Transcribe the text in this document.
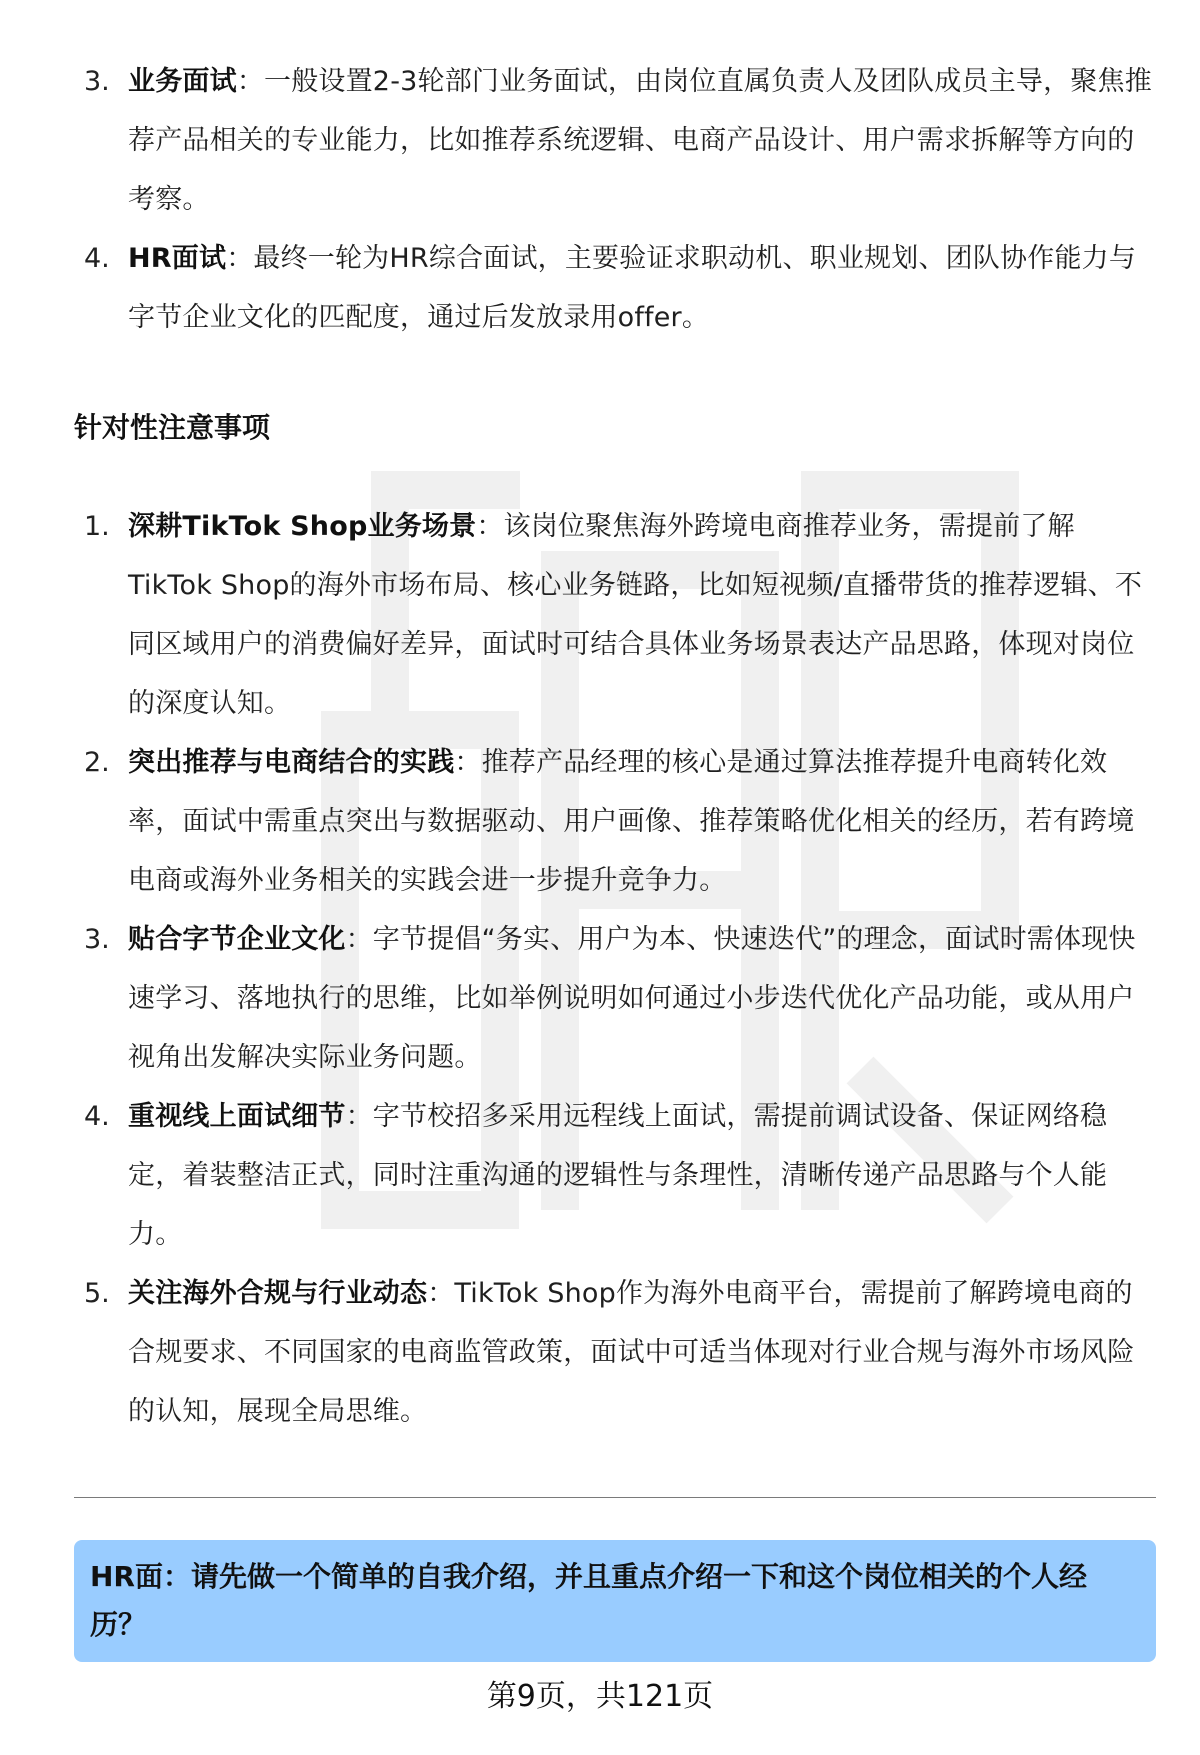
3. 业务面试：一般设置2-3轮部门业务面试，由岗位直属负责人及团队成员主导，聚焦推荐产品相关的专业能力，比如推荐系统逻辑、电商产品设计、用户需求拆解等方向的考察。
4. HR面试：最终一轮为HR综合面试，主要验证求职动机、职业规划、团队协作能力与字节企业文化的匹配度，通过后发放录用offer。
针对性注意事项
1. 深耕TikTok Shop业务场景：该岗位聚焦海外跨境电商推荐业务，需提前了解TikTok Shop的海外市场布局、核心业务链路，比如短视频/直播带货的推荐逻辑、不同区域用户的消费偏好差异，面试时可结合具体业务场景表达产品思路，体现对岗位的深度认知。
2. 突出推荐与电商结合的实践：推荐产品经理的核心是通过算法推荐提升电商转化效率，面试中需重点突出与数据驱动、用户画像、推荐策略优化相关的经历，若有跨境电商或海外业务相关的实践会进一步提升竞争力。
3. 贴合字节企业文化：字节提倡“务实、用户为本、快速迭代”的理念，面试时需体现快速学习、落地执行的思维，比如举例说明如何通过小步迭代优化产品功能，或从用户视角出发解决实际业务问题。
4. 重视线上面试细节：字节校招多采用远程线上面试，需提前调试设备、保证网络稳定，着装整洁正式，同时注重沟通的逻辑性与条理性，清晰传递产品思路与个人能力。
5. 关注海外合规与行业动态：TikTok Shop作为海外电商平台，需提前了解跨境电商的合规要求、不同国家的电商监管政策，面试中可适当体现对行业合规与海外市场风险的认知，展现全局思维。
HR面：请先做一个简单的自我介绍，并且重点介绍一下和这个岗位相关的个人经历？
第9页，共121页
